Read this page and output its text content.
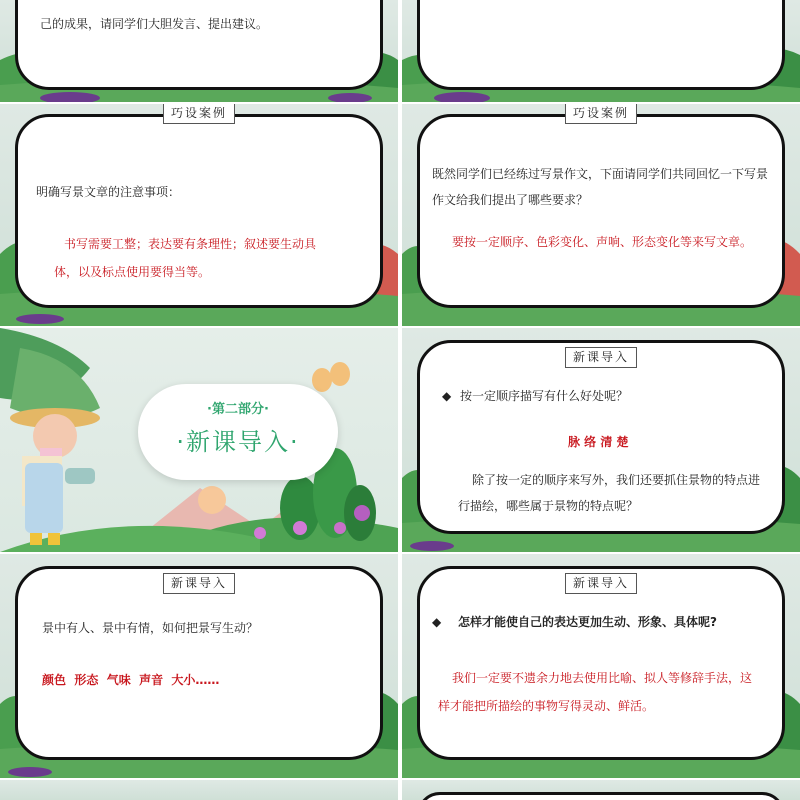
己的成果，请同学们大胆发言、提出建议。
巧设案例
明确写景文章的注意事项：
书写需要工整；表达要有条理性；叙述要生动具
体，以及标点使用要得当等。
巧设案例
既然同学们已经练过写景作文，下面请同学们共同回忆一下写景
作文给我们提出了哪些要求？
要按一定顺序、色彩变化、声响、形态变化等来写文章。
·第二部分·
·新课导入·
新课导入
◆ 按一定顺序描写有什么好处呢？
脉 络 清 楚
除了按一定的顺序来写外，我们还要抓住景物的特点进
行描绘，哪些属于景物的特点呢？
新课导入
景中有人、景中有情，如何把景写生动？
颜色  形态  气味  声音  大小……
新课导入
◆ 怎样才能使自己的表达更加生动、形象、具体呢?
我们一定要不遗余力地去使用比喻、拟人等修辞手法，这
样才能把所描绘的事物写得灵动、鲜活。
